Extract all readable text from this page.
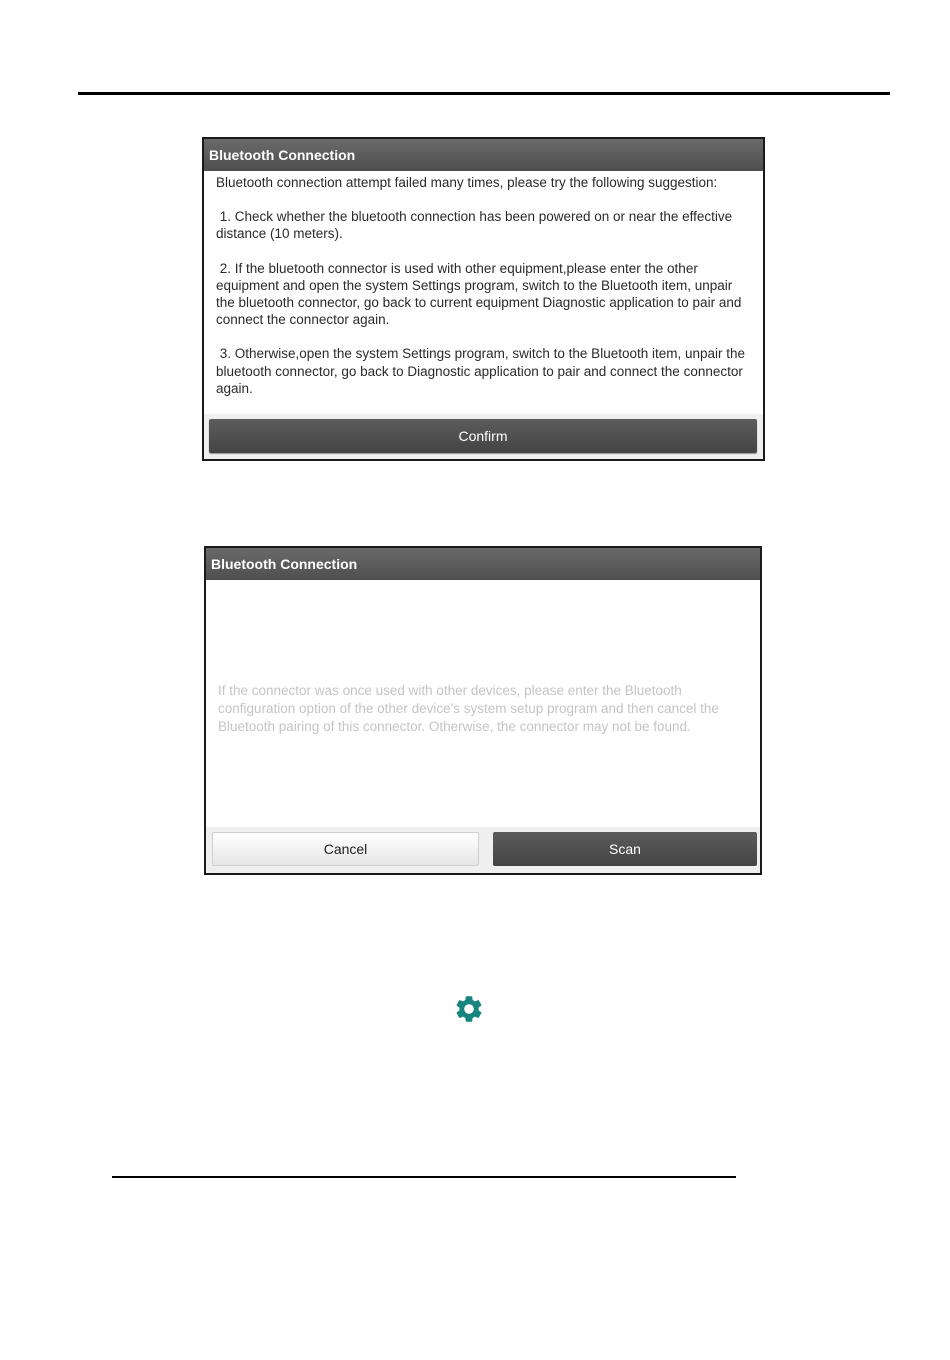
Bluetooth Connection

Bluetooth connection attempt failed many times, please try the following suggestion:

1. Check whether the bluetooth connection has been powered on or near the effective distance (10 meters).

2. If the bluetooth connector is used with other equipment,please enter the other equipment and open the system Settings program, switch to the Bluetooth item, unpair the bluetooth connector, go back to current equipment Diagnostic application to pair and connect the connector again.

3. Otherwise,open the system Settings program, switch to the Bluetooth item, unpair the bluetooth connector, go back to Diagnostic application to pair and connect the connector again.

Confirm
Bluetooth Connection

If the connector was once used with other devices, please enter the Bluetooth configuration option of the other device's system setup program and then cancel the Bluetooth pairing of this connector. Otherwise, the connector may not be found.

Cancel	Scan
